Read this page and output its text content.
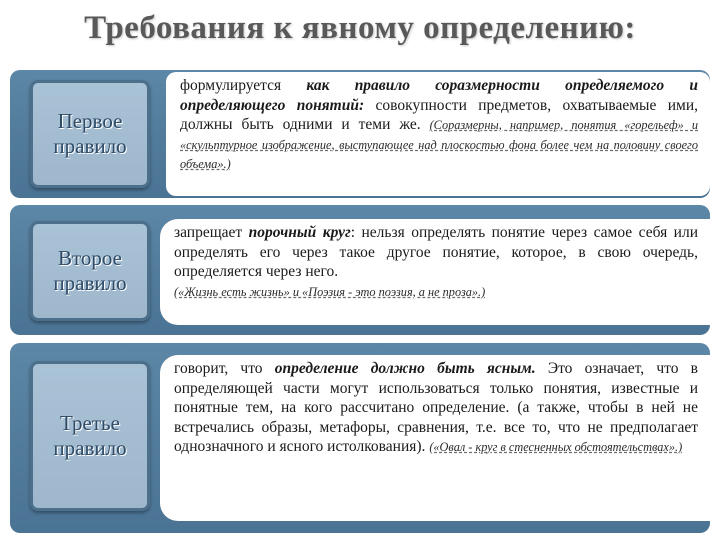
Требования к явному определению:
Первое
правило

формулируется как правило соразмерности определяемого и определяющего понятий: совокупности предметов, охватываемые ими, должны быть одними и теми же. (Соразмерны, например, понятия «горельеф» и «скульптурное изображение, выступающее над плоскостью фона более чем на половину своего объема».)

Второе
правило

запрещает порочный круг: нельзя определять понятие через самое себя или определять его через такое другое понятие, которое, в свою очередь, определяется через него.
(«Жизнь есть жизнь» и «Поэзия - это поэзия, а не проза».)

Третье
правило

говорит, что определение должно быть ясным. Это означает, что в определяющей части могут использоваться только понятия, известные и понятные тем, на кого рассчитано определение. (а также, чтобы в ней не встречались образы, метафоры, сравнения, т.е. все то, что не предполагает однозначного и ясного истолкования). («Овал - круг в стесненных обстоятельствах».)
